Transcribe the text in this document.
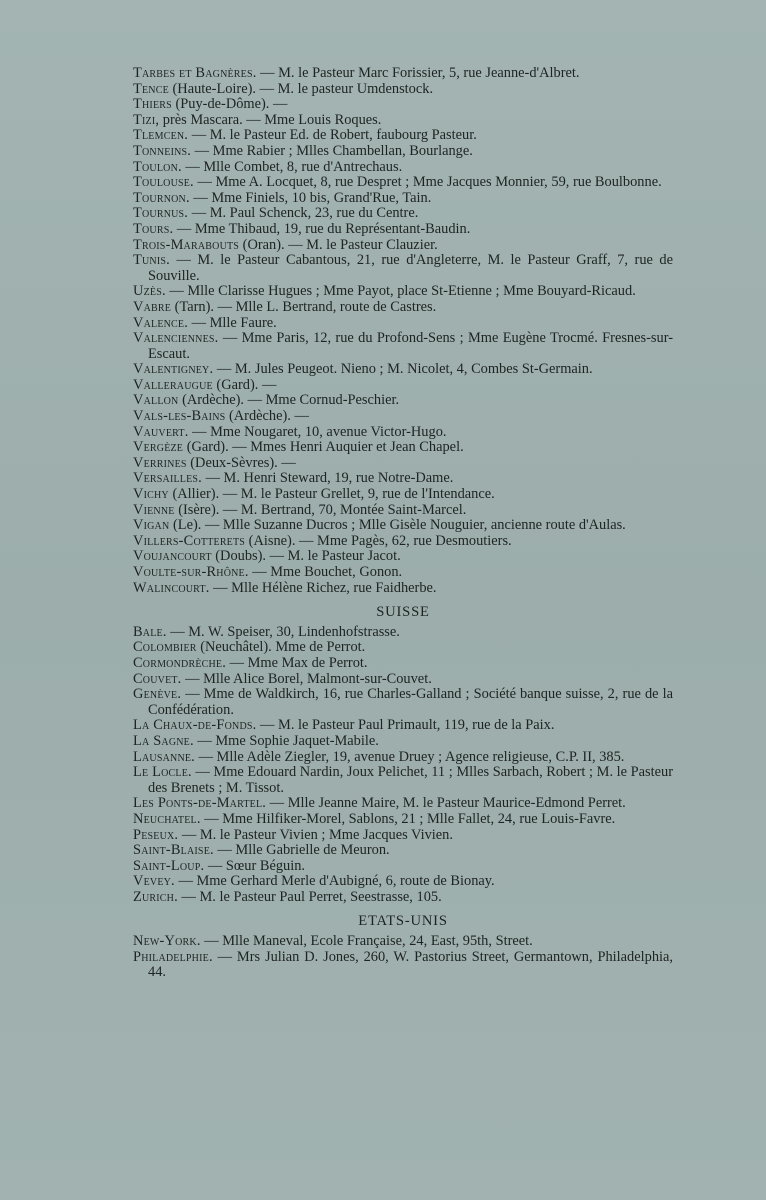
Tarbes et Bagnères. — M. le Pasteur Marc Forissier, 5, rue Jeanne-d'Albret.

Tence (Haute-Loire). — M. le pasteur Umdenstock.

Thiers (Puy-de-Dôme). —

Tizi, près Mascara. — Mme Louis Roques.

Tlemcen. — M. le Pasteur Ed. de Robert, faubourg Pasteur.

Tonneins. — Mme Rabier ; Mlles Chambellan, Bourlange.

Toulon. — Mlle Combet, 8, rue d'Antrechaus.

Toulouse. — Mme A. Locquet, 8, rue Despret ; Mme Jacques Monnier, 59, rue Boulbonne.

Tournon. — Mme Finiels, 10 bis, Grand'Rue, Tain.

Tournus. — M. Paul Schenck, 23, rue du Centre.

Tours. — Mme Thibaud, 19, rue du Représentant-Baudin.

Trois-Marabouts (Oran). — M. le Pasteur Clauzier.

Tunis. — M. le Pasteur Cabantous, 21, rue d'Angleterre, M. le Pasteur Graff, 7, rue de Souville.

Uzès. — Mlle Clarisse Hugues ; Mme Payot, place St-Etienne ; Mme Bouyard-Ricaud.

Vabre (Tarn). — Mlle L. Bertrand, route de Castres.

Valence. — Mlle Faure.

Valenciennes. — Mme Paris, 12, rue du Profond-Sens ; Mme Eugène Trocmé. Fresnes-sur-Escaut.

Valentigney. — M. Jules Peugeot. Nieno ; M. Nicolet, 4, Combes St-Germain.

Valleraugue (Gard). —

Vallon (Ardèche). — Mme Cornud-Peschier.

Vals-les-Bains (Ardèche). —

Vauvert. — Mme Nougaret, 10, avenue Victor-Hugo.

Vergèze (Gard). — Mmes Henri Auquier et Jean Chapel.

Verrines (Deux-Sèvres). —

Versailles. — M. Henri Steward, 19, rue Notre-Dame.

Vichy (Allier). — M. le Pasteur Grellet, 9, rue de l'Intendance.

Vienne (Isère). — M. Bertrand, 70, Montée Saint-Marcel.

Vigan (Le). — Mlle Suzanne Ducros ; Mlle Gisèle Nouguier, ancienne route d'Aulas.

Villers-Cotterets (Aisne). — Mme Pagès, 62, rue Desmoutiers.

Voujancourt (Doubs). — M. le Pasteur Jacot.

Voulte-sur-Rhône. — Mme Bouchet, Gonon.

Walincourt. — Mlle Hélène Richez, rue Faidherbe.

SUISSE

Bale. — M. W. Speiser, 30, Lindenhofstrasse.

Colombier (Neuchâtel). Mme de Perrot.

Cormondrèche. — Mme Max de Perrot.

Couvet. — Mlle Alice Borel, Malmont-sur-Couvet.

Genève. — Mme de Waldkirch, 16, rue Charles-Galland ; Société banque suisse, 2, rue de la Confédération.

La Chaux-de-Fonds. — M. le Pasteur Paul Primault, 119, rue de la Paix.

La Sagne. — Mme Sophie Jaquet-Mabile.

Lausanne. — Mlle Adèle Ziegler, 19, avenue Druey ; Agence religieuse, C.P. II, 385.

Le Locle. — Mme Edouard Nardin, Joux Pelichet, 11 ; Mlles Sarbach, Robert ; M. le Pasteur des Brenets ; M. Tissot.

Les Ponts-de-Martel. — Mlle Jeanne Maire, M. le Pasteur Maurice-Edmond Perret.

Neuchatel. — Mme Hilfiker-Morel, Sablons, 21 ; Mlle Fallet, 24, rue Louis-Favre.

Peseux. — M. le Pasteur Vivien ; Mme Jacques Vivien.

Saint-Blaise. — Mlle Gabrielle de Meuron.

Saint-Loup. — Sœur Béguin.

Vevey. — Mme Gerhard Merle d'Aubigné, 6, route de Bionay.

Zurich. — M. le Pasteur Paul Perret, Seestrasse, 105.

ETATS-UNIS

New-York. — Mlle Maneval, Ecole Française, 24, East, 95th, Street.

Philadelphie. — Mrs Julian D. Jones, 260, W. Pastorius Street, Germantown, Philadelphia, 44.
